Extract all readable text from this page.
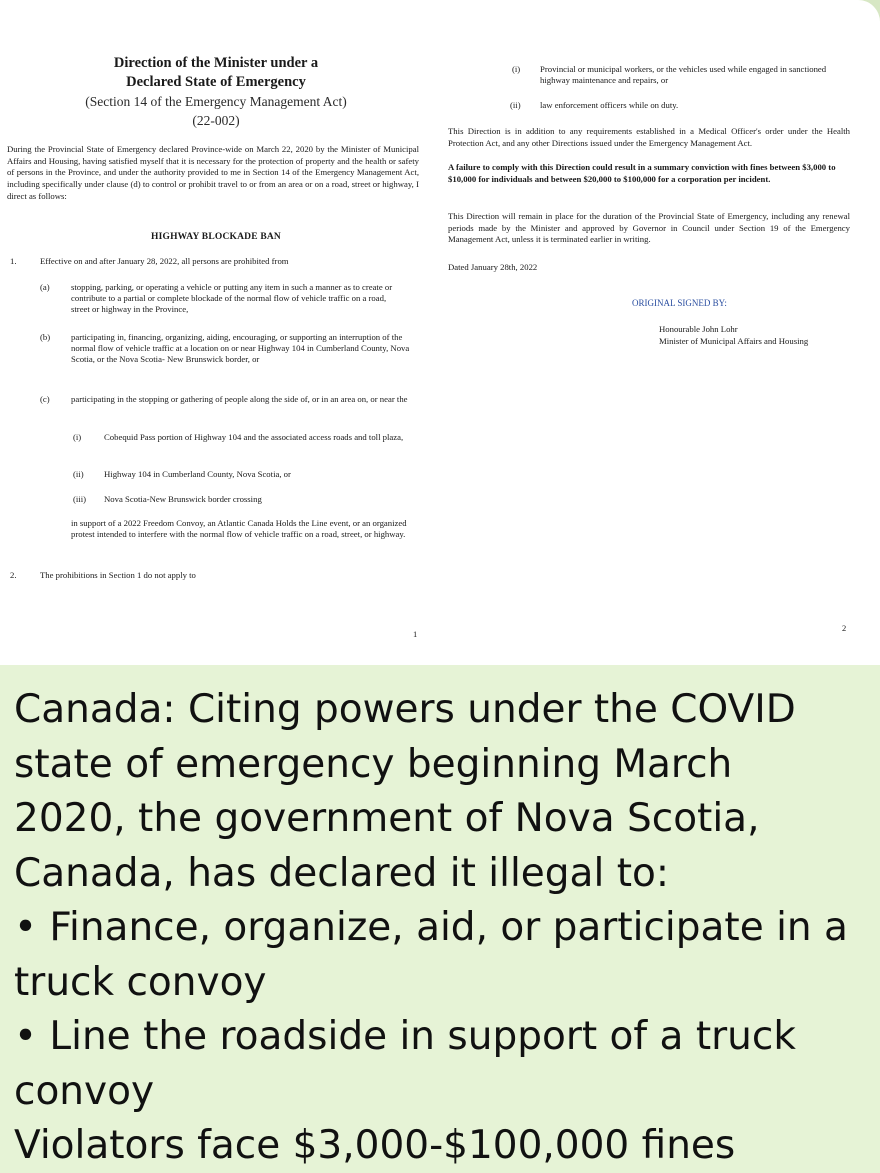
Direction of the Minister under a
Declared State of Emergency
(Section 14 of the Emergency Management Act)
(22-002)
During the Provincial State of Emergency declared Province-wide on March 22, 2020 by the Minister of Municipal Affairs and Housing, having satisfied myself that it is necessary for the protection of property and the health or safety of persons in the Province, and under the authority provided to me in Section 14 of the Emergency Management Act, including specifically under clause (d) to control or prohibit travel to or from an area or on a road, street or highway, I direct as follows:
HIGHWAY BLOCKADE BAN
1.	Effective on and after January 28, 2022, all persons are prohibited from
(a) stopping, parking, or operating a vehicle or putting any item in such a manner as to create or contribute to a partial or complete blockade of the normal flow of vehicle traffic on a road, street or highway in the Province,
(b) participating in, financing, organizing, aiding, encouraging, or supporting an interruption of the normal flow of vehicle traffic at a location on or near Highway 104 in Cumberland County, Nova Scotia, or the Nova Scotia- New Brunswick border, or
(c) participating in the stopping or gathering of people along the side of, or in an area on, or near the
(i)	Cobequid Pass portion of Highway 104 and the associated access roads and toll plaza,
(ii) Highway 104 in Cumberland County, Nova Scotia, or
(iii) Nova Scotia-New Brunswick border crossing
in support of a 2022 Freedom Convoy, an Atlantic Canada Holds the Line event, or an organized protest intended to interfere with the normal flow of vehicle traffic on a road, street, or highway.
2.	The prohibitions in Section 1 do not apply to
1
(i) Provincial or municipal workers, or the vehicles used while engaged in sanctioned highway maintenance and repairs, or
(ii) law enforcement officers while on duty.
This Direction is in addition to any requirements established in a Medical Officer's order under the Health Protection Act, and any other Directions issued under the Emergency Management Act.
A failure to comply with this Direction could result in a summary conviction with fines between $3,000 to $10,000 for individuals and between $20,000 to $100,000 for a corporation per incident.
This Direction will remain in place for the duration of the Provincial State of Emergency, including any renewal periods made by the Minister and approved by Governor in Council under Section 19 of the Emergency Management Act, unless it is terminated earlier in writing.
Dated January 28th, 2022
ORIGINAL SIGNED BY:
Honourable John Lohr
Minister of Municipal Affairs and Housing
2
Canada: Citing powers under the COVID
state of emergency beginning March
2020, the government of Nova Scotia,
Canada, has declared it illegal to:
• Finance, organize, aid, or participate in a
truck convoy
• Line the roadside in support of a truck
convoy
Violators face $3,000-$100,000 fines
